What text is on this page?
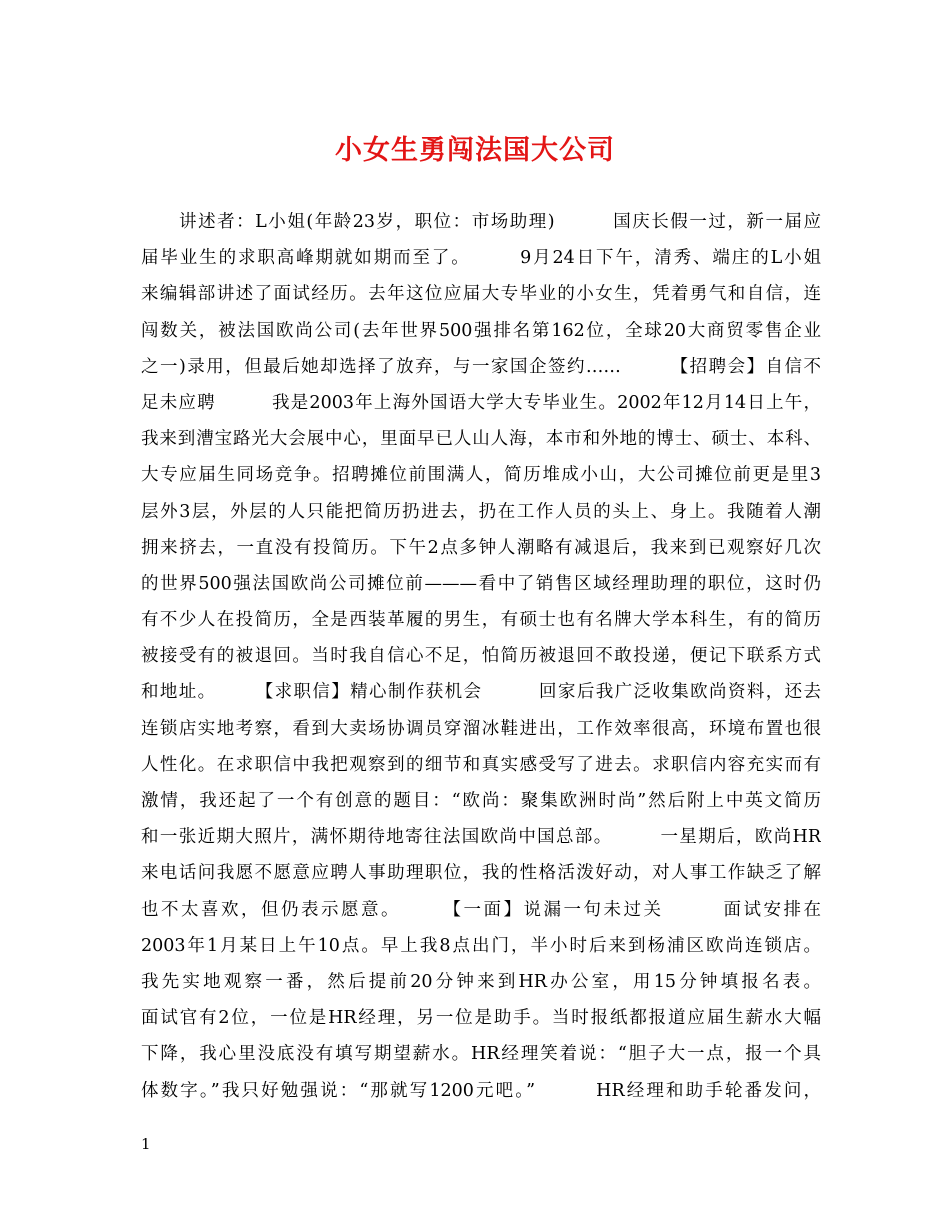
小女生勇闯法国大公司
　　讲述者：L小姐(年龄23岁，职位：市场助理)　　　国庆长假一过，新一届应
届毕业生的求职高峰期就如期而至了。　　　9月24日下午，清秀、端庄的L小姐
来编辑部讲述了面试经历。去年这位应届大专毕业的小女生，凭着勇气和自信，连
闯数关，被法国欧尚公司(去年世界500强排名第162位，全球20大商贸零售企业
之一)录用，但最后她却选择了放弃，与一家国企签约……　　　【招聘会】自信不
足未应聘　　　我是2003年上海外国语大学大专毕业生。2002年12月14日上午，
我来到漕宝路光大会展中心，里面早已人山人海，本市和外地的博士、硕士、本科、
大专应届生同场竞争。招聘摊位前围满人，简历堆成小山，大公司摊位前更是里3
层外3层，外层的人只能把简历扔进去，扔在工作人员的头上、身上。我随着人潮
拥来挤去，一直没有投简历。下午2点多钟人潮略有减退后，我来到已观察好几次
的世界500强法国欧尚公司摊位前———看中了销售区域经理助理的职位，这时仍
有不少人在投简历，全是西装革履的男生，有硕士也有名牌大学本科生，有的简历
被接受有的被退回。当时我自信心不足，怕简历被退回不敢投递，便记下联系方式
和地址。　　　【求职信】精心制作获机会　　　回家后我广泛收集欧尚资料，还去
连锁店实地考察，看到大卖场协调员穿溜冰鞋进出，工作效率很高，环境布置也很
人性化。在求职信中我把观察到的细节和真实感受写了进去。求职信内容充实而有
激情，我还起了一个有创意的题目：“欧尚：聚集欧洲时尚”然后附上中英文简历
和一张近期大照片，满怀期待地寄往法国欧尚中国总部。　　　一星期后，欧尚HR
来电话问我愿不愿意应聘人事助理职位，我的性格活泼好动，对人事工作缺乏了解
也不太喜欢，但仍表示愿意。　　　【一面】说漏一句未过关　　　面试安排在
2003年1月某日上午10点。早上我8点出门，半小时后来到杨浦区欧尚连锁店。
我先实地观察一番，然后提前20分钟来到HR办公室，用15分钟填报名表。
面试官有2位，一位是HR经理，另一位是助手。当时报纸都报道应届生薪水大幅
下降，我心里没底没有填写期望薪水。HR经理笑着说：“胆子大一点，报一个具
体数字。”我只好勉强说：“那就写1200元吧。”　　　HR经理和助手轮番发问，
1
